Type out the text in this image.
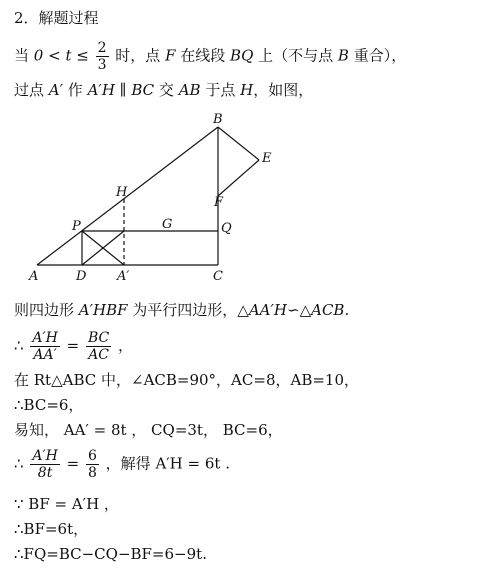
2．解题过程
当 $0 < t \le \frac{2}{3}$ 时，点 F 在线段 BQ 上（不与点 B 重合），
过点 A′ 作 A′H ∥ BC 交 AB 于点 H，如图，
B
E
H
F
P	G	Q
A	D A′	C
则四边形 A′HBF 为平行四边形，△AA′H∽△ACB.
∴ $\frac{A'H}{AA'} = \frac{BC}{AC}$ ，
在 Rt△ABC 中，∠ACB=90°，AC=8，AB=10，
∴BC=6，
易知， AA′ = 8t ， CQ=3t， BC=6，
∴ $\frac{A'H}{8t} = \frac{6}{8}$ ，解得 A′H = 6t .
∵ BF = A′H ，
∴BF=6t，
∴FQ=BC−CQ−BF=6−9t.
